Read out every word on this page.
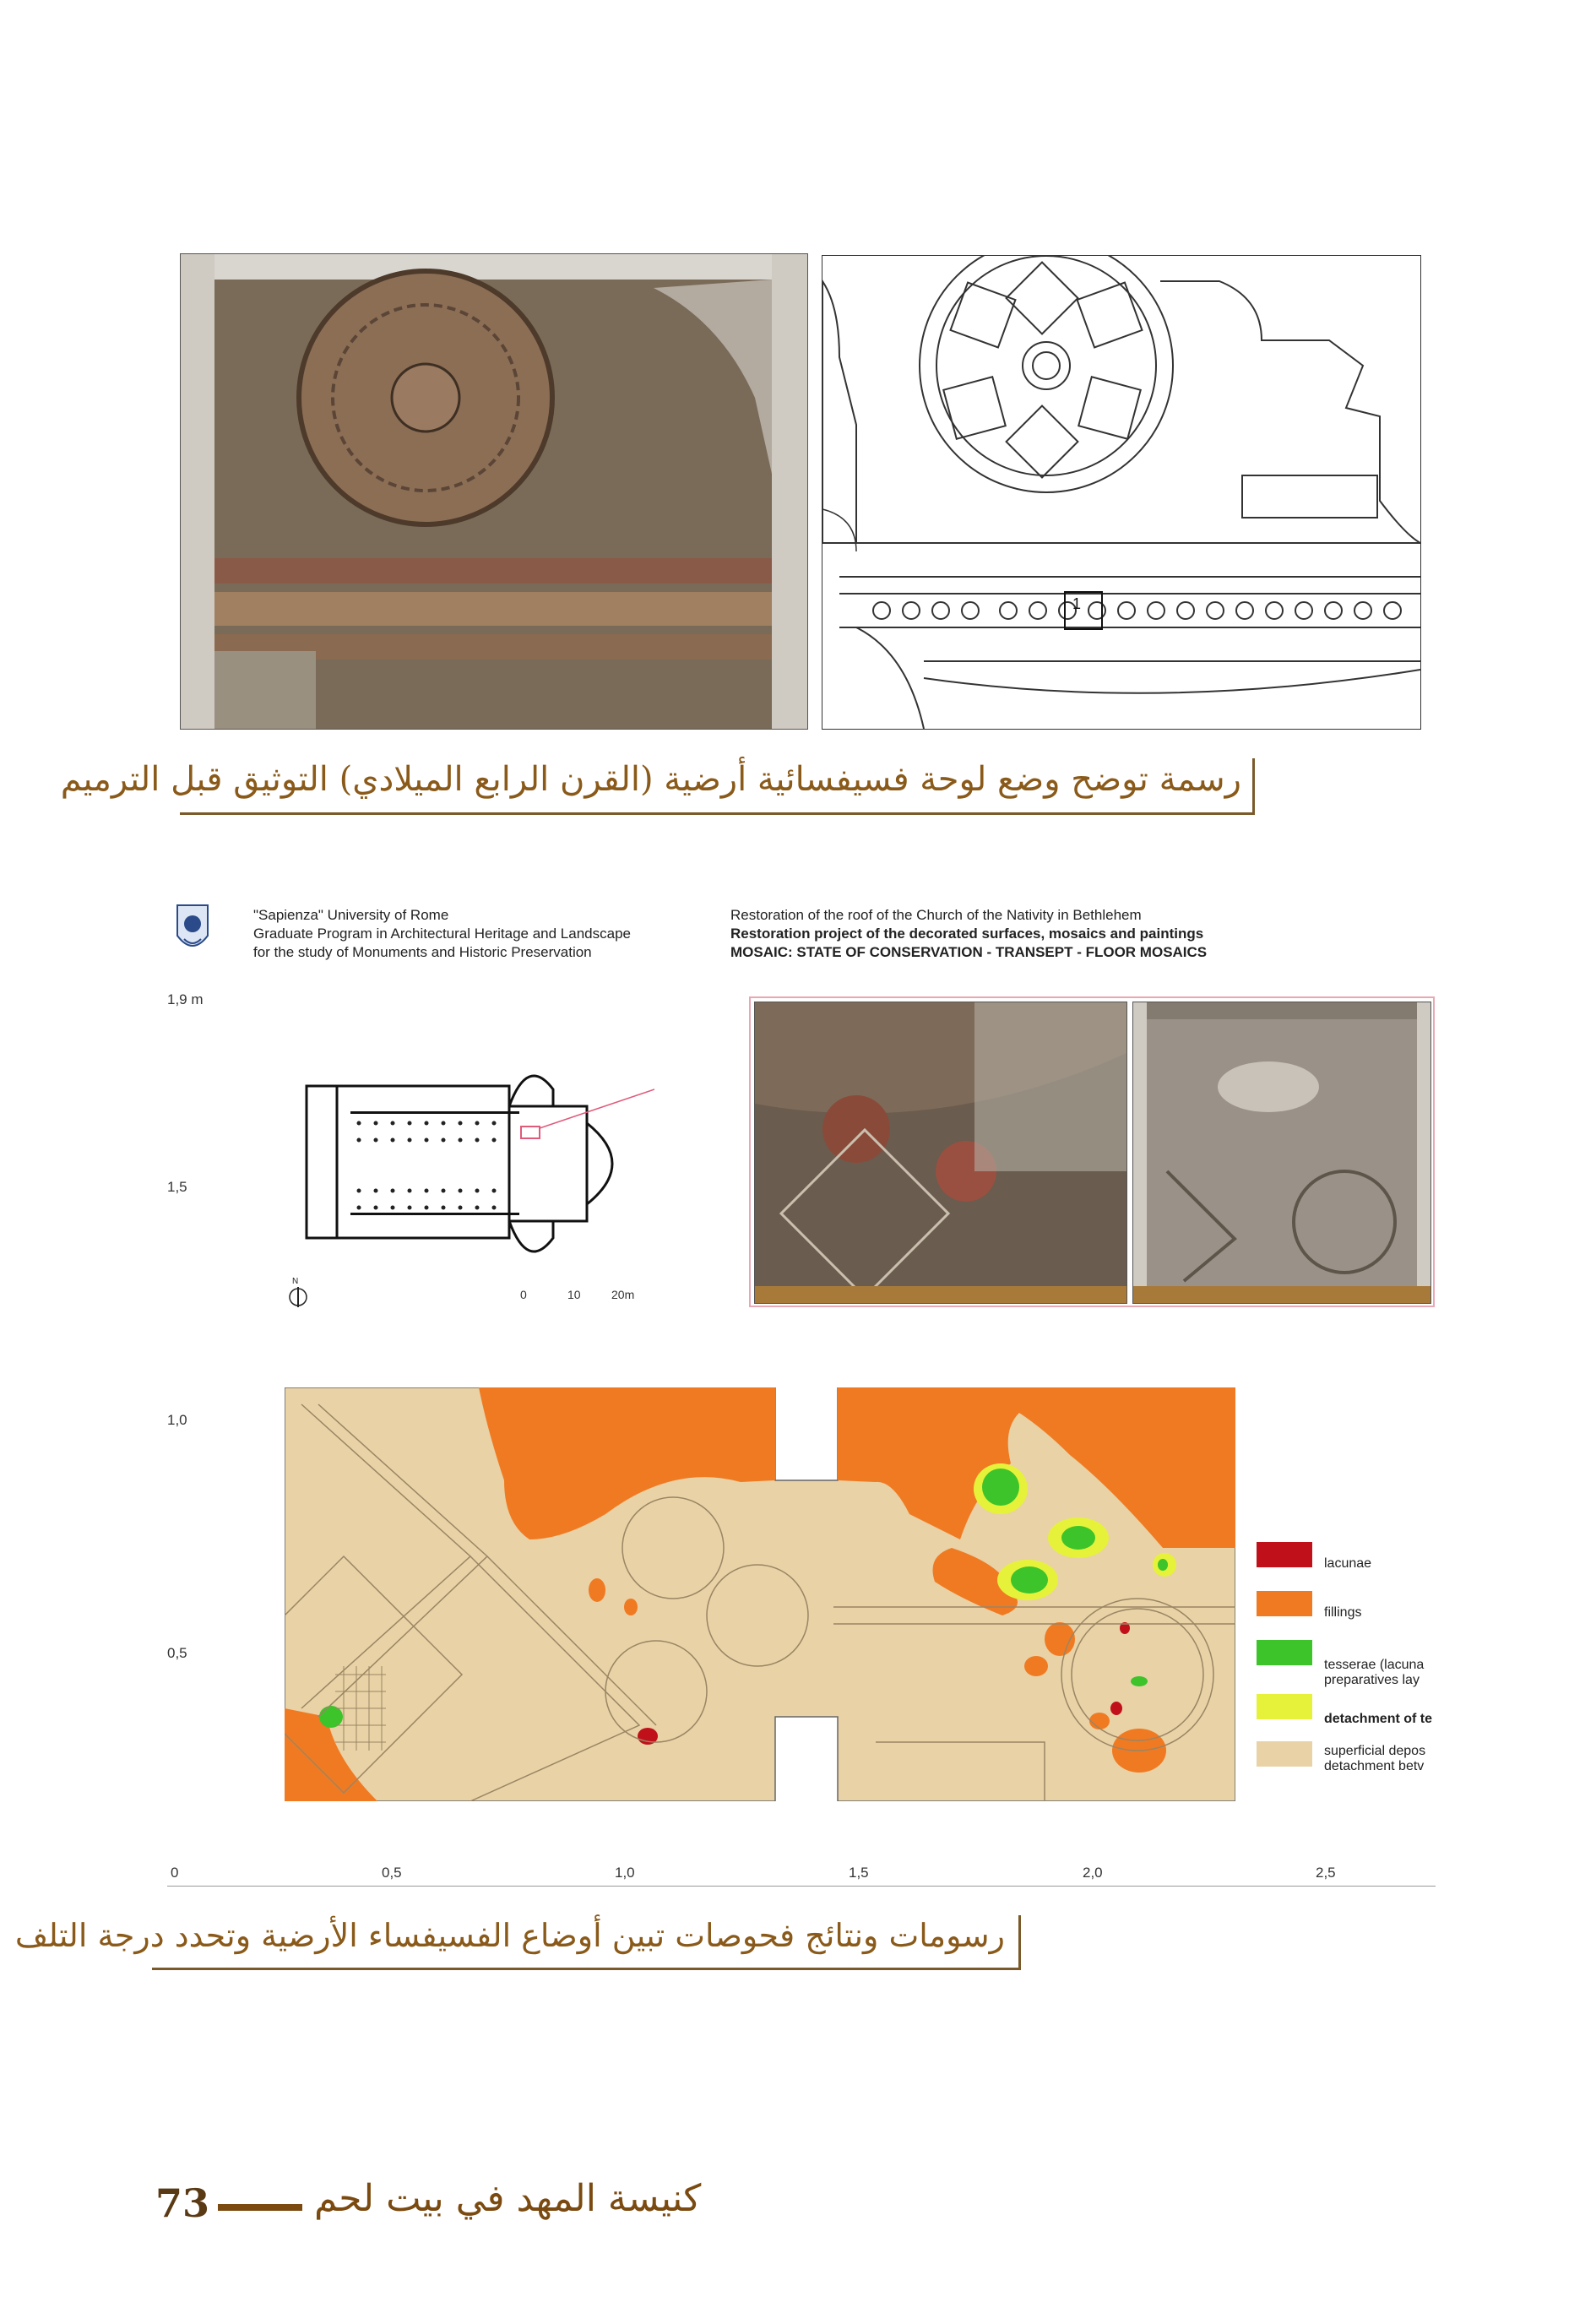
1
رسمة توضح وضع لوحة فسيفسائية أرضية (القرن الرابع الميلادي) التوثيق قبل الترميم
"Sapienza" University of Rome
Graduate Program in Architectural Heritage and Landscape
for the study of Monuments and Historic Preservation
Restoration of the roof of the Church of the Nativity in Bethlehem
Restoration project of the decorated surfaces, mosaics and paintings
MOSAIC: STATE OF CONSERVATION - TRANSEPT - FLOOR MOSAICS
1,9 m
1,5
1,0
0,5
N
0	10	20m
lacunae
fillings
tesserae (lacuna
preparatives lay
detachment of te
superficial depos
detachment betv
0	0,5	1,0	1,5	2,0	2,5
رسومات ونتائج فحوصات تبين أوضاع الفسيفساء الأرضية وتحدد درجة التلف
73	كنيسة المهد في بيت لحم
